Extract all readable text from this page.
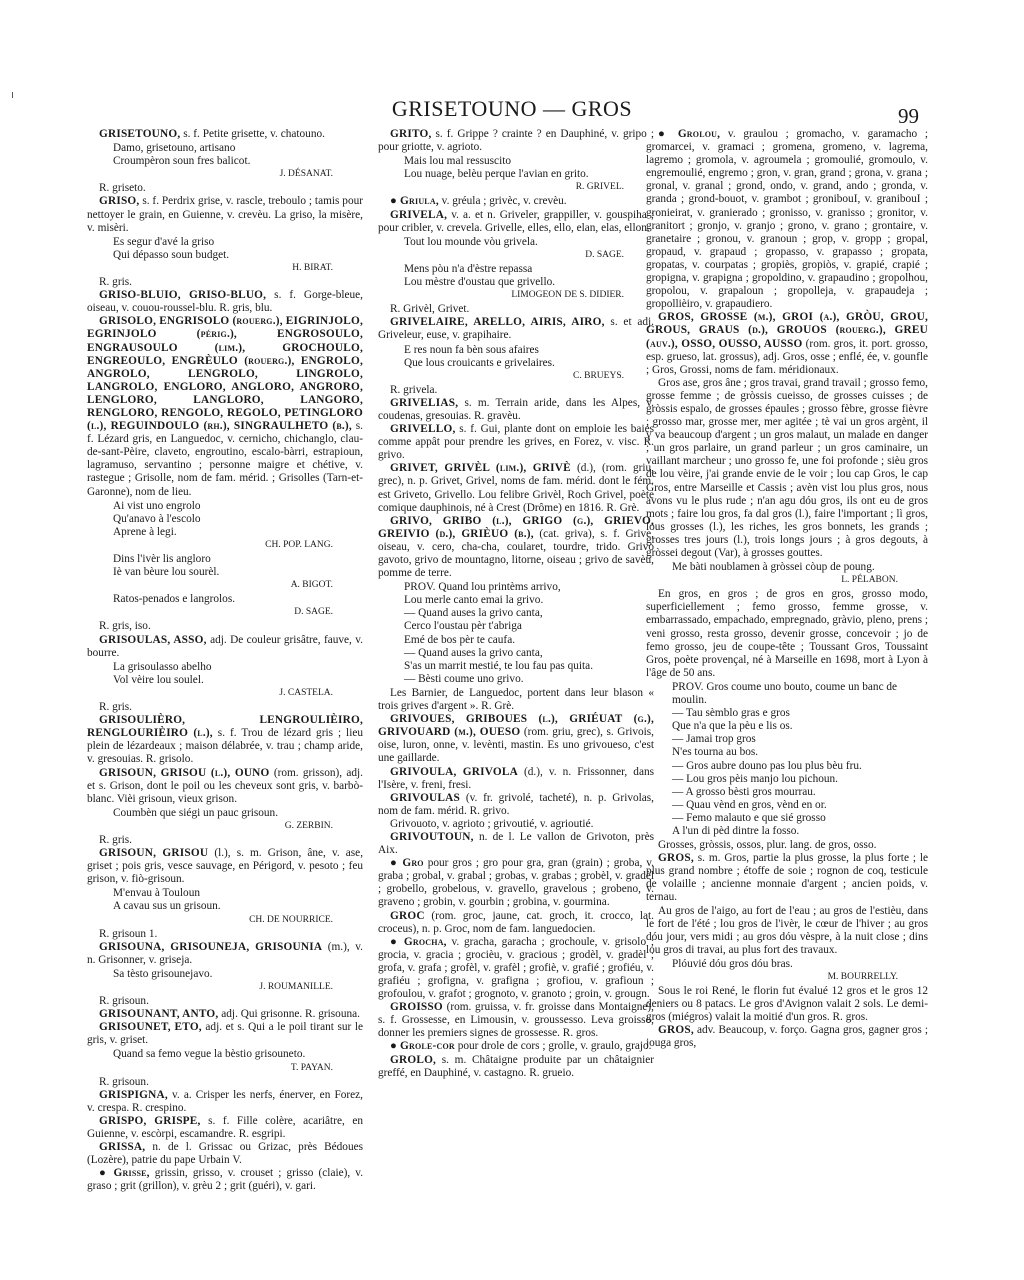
GRISETOUNO — GROS	99
GRISETOUNO, s. f. Petite grisette, v. chatouno.
Damo, grisetouno, artisano
Croumpèron soun fres balicot.
J. DÉSANAT.
R. griseto.
GRISO, s. f. Perdrix grise, v. rascle, treboulo ; tamis pour nettoyer le grain, en Guienne, v. crevèu. La griso, la misère, v. misèri.
Es segur d'avé la griso
Qui dépasso soun budget.
H. BIRAT.
R. gris.
GRISO-BLUIO, GRISO-BLUO, s. f. Gorge-bleue, oiseau, v. couou-roussel-blu. R. gris, blu.
GRISOLO, ENGRISOLO (rouerg.), EIGRINJOLO, EGRINJOLO (périg.), ENGROSOULO, ENGRAUSOULO (lim.), GROCHOULO, ENGREOULO, ENGRÈULO (rouerg.), ENGROLO, ANGROLO, LENGROLO, LINGROLO, LANGROLO, ENGLORO, ANGLORO, ANGRORO, LENGLORO, LANGLORO, LANGORO, RENGLORO, RENGOLO, REGOLO, PETINGLORO (l.), REGUINDOULO (rh.), SINGRAULHETO (b.), s. f. Lézard gris, en Languedoc, v. cernicho, chichanglo, clau-de-sant-Pèire, claveto, engroutino, escalo-bàrri, estrapioun, lagramuso, servantino ; personne maigre et chétive, v. rastegue ; Grisolle, nom de fam. mérid. ; Grisolles (Tarn-et-Garonne), nom de lieu.
Ai vist uno engrolo
Qu'anavo à l'escolo
Aprene à legi.
CH. POP. LANG.
Dins l'ivèr lis angloro
Iè van bèure lou sourèl.
A. BIGOT.
Ratos-penados e langrolos.
D. SAGE.
R. gris, iso.
GRISOULAS, ASSO, adj. De couleur grisâtre, fauve, v. bourre.
La grisoulasso abelho
Vol vèire lou soulel.
J. CASTELA.
R. gris.
GRISOULIÈRO, LENGROULIÈIRO, RENGLOURIÈIRO (l.), s. f. Trou de lézard gris ; lieu plein de lézardeaux ; maison délabrée, v. trau ; champ aride, v. gresouias. R. grisolo.
GRISOUN, GRISOU (l.), OUNO (rom. grisson), adj. et s. Grison, dont le poil ou les cheveux sont gris, v. barbò-blanc. Vièi grisoun, vieux grison.
Coumbèn que siégi un pauc grisoun.
G. ZERBIN.
R. gris.
GRISOUN, GRISOU (l.), s. m. Grison, âne, v. ase, griset ; pois gris, vesce sauvage, en Périgord, v. pesoto ; feu grison, v. fiò-grisoun.
M'envau à Touloun
A cavau sus un grisoun.
CH. DE NOURRICE.
R. grisoun 1.
GRISOUNA, GRISOUNEJA, GRISOUNIA (m.), v. n. Grisonner, v. griseja.
Sa tèsto grisounejavo.
J. ROUMANILLE.
R. grisoun.
GRISOUNANT, ANTO, adj. Qui grisonne. R. grisouna.
GRISOUNET, ETO, adj. et s. Qui a le poil tirant sur le gris, v. griset.
Quand sa femo vegue la bèstio grisounetо.
T. PAYAN.
R. grisoun.
GRISPIGNA, v. a. Crisper les nerfs, énerver, en Forez, v. crespa. R. crespino.
GRISPO, GRISPE, s. f. Fille colère, acariâtre, en Guienne, v. escòrpi, escamandre. R. esgripi.
GRISSA, n. de l. Grissac ou Grizac, près Bédoues (Lozère), patrie du pape Urbain V.
● Grisse, grissin, grisso, v. crouset ; grisso (claie), v. graso ; grit (grillon), v. grèu 2 ; grit (guéri), v. gari.
GRITO, s. f. Grippe ? crainte ? en Dauphiné, v. gripo ; pour griotte, v. agrioto.
Mais lou mal ressuscito
Lou nuage, belèu perque l'avian en grito.
R. GRIVEL.
● Griula, v. gréula ; grivèc, v. crevèu.
GRIVELA, v. a. et n. Griveler, grappiller, v. gouspiha ; pour cribler, v. crevela. Grivelle, elles, ello, elan, elas, ellon.
Tout lou mounde vòu grivela.
D. SAGE.
Mens pòu n'a d'èstre repassa
Lou mèstre d'oustau que grivello.
LIMOGEON DE S. DIDIER.
R. Grivèl, Grivet.
GRIVELAIRE, ARELLO, AIRIS, AIRO, s. et adj. Griveleur, euse, v. grapihaire.
E res noun fa bèn sous afaires
Que lous crouicants e grivelaires.
C. BRUEYS.
R. grivela.
GRIVELIAS, s. m. Terrain aride, dans les Alpes, v. coudenas, gresouias. R. gravèu.
GRIVELLO, s. f. Gui, plante dont on emploie les baies comme appât pour prendre les grives, en Forez, v. visc. R. grivo.
GRIVET, GRIVÈL (lim.), GRIVÈ (d.), (rom. griu, grec), n. p. Grivet, Grivel, noms de fam. mérid. dont le fém. est Griveto, Grivello. Lou felibre Grivèl, Roch Grivel, poète comique dauphinois, né à Crest (Drôme) en 1816. R. Grè.
GRIVO, GRIBO (l.), GRIGO (g.), GRIEVO, GREIVIO (d.), GRIÈUO (b.), (cat. griva), s. f. Grive, oiseau, v. cero, cha-cha, coularet, tourdre, trido. Grivo gavoto, grivo de mountagno, litorne, oiseau ; grivo de savèu, pomme de terre.
PROV. Quand lou printèms arrivo,
Lou merle canto emai la grivo.
— Quand auses la grivo canta,
Cerco l'oustau pèr t'abriga
Emé de bos pèr te caufa.
— Quand auses la grivo canta,
S'as un marrit mestié, te lou fau pas quita.
— Bèsti coume uno grivo.
Les Barnier, de Languedoc, portent dans leur blason « trois grives d'argent ». R. Grè.
GRIVOUES, GRIBOUES (l.), GRIÉUAT (g.), GRIVOUARD (m.), OUESO (rom. griu, grec), s. Grivois, oise, luron, onne, v. levènti, mastin. Es uno grivouesо, c'est une gaillarde.
GRIVOULA, GRIVOLA (d.), v. n. Frissonner, dans l'Isère, v. freni, fresi.
GRIVOULAS (v. fr. grivolé, tacheté), n. p. Grivolas, nom de fam. mérid. R. grivo.
Grivouoto, v. agrioto ; grivoutié, v. agrioutié.
GRIVOUTOUN, n. de l. Le vallon de Grivoton, près Aix.
● Gro pour gros ; gro pour gra, gran (grain) ; groba, v. graba ; grobal, v. grabal ; grobas, v. grabas ; grobèl, v. gradèl ; grobello, grobelous, v. gravello, gravelous ; grobeno, v. graveno ; grobin, v. gourbin ; grobina, v. gourmina.
GROC (rom. groc, jaune, cat. groch, it. crocco, lat. croceus), n. p. Groc, nom de fam. languedocien.
● Grocha, v. gracha, garacha ; grochoule, v. grisolo ; grocia, v. gracia ; grocièu, v. gracious ; grodèl, v. gradèl ; grofa, v. grafa ; grofèl, v. grafèl ; grofiè, v. grafié ; grofiéu, v. grafiéu ; grofigna, v. grafigna ; grofiou, v. grafioun ; grofoulou, v. grafot ; grognoto, v. granoto ; groin, v. grougn.
GROISSO (rom. gruissa, v. fr. groisse dans Montaigne), s. f. Grossesse, en Limousin, v. groussesso. Leva groisso, donner les premiers signes de grossesse. R. gros.
● Grole-cor pour drole de cors ; grolle, v. graulo, grajo.
GROLO, s. m. Châtaigne produite par un châtaignier greffé, en Dauphiné, v. castagno. R. grueio.
● Grolou, v. graulou ; gromacho, v. garamacho ; gromarcei, v. gramaci ; gromena, gromeno, v. lagrema, lagremo ; gromola, v. agroumela ; gromoulié, gromoulo, v. engremoulié, engremo ; gron, v. gran, grand ; grona, v. grana ; gronal, v. granal ; grond, ondo, v. grand, ando ; gronda, v. granda ; grond-bouot, v. grambot ; gronibouI, v. granibouI ; gronieirat, v. granierado ; gronisso, v. granisso ; gronitor, v. granitort ; gronjo, v. granjo ; grono, v. grano ; grontaire, v. granetaire ; gronou, v. granoun ; grop, v. gropp ; gropal, gropaud, v. grapaud ; gropasso, v. grapasso ; gropata, gropatas, v. courpatas ; gropiès, gropiòs, v. grapié, crapié ; gropigna, v. grapigna ; gropoldino, v. grapaudino ; gropolhou, gropolou, v. grapaloun ; gropolleja, v. grapaudeja ; gropollièiro, v. grapaudiero.
GROS, GROSSE (m.), GROI (a.), GRÒU, GROU, GROUS, GRAUS (d.), GROUOS (rouerg.), GREU (auv.), OSSO, OUSSO, AUSSO (rom. gros, it. port. grosso, esp. grueso, lat. grossus), adj. Gros, osse ; enflé, ée, v. gounfle ; Gros, Grossi, noms de fam. méridionaux.
Gros ase, gros âne ; gros travai, grand travail ; grosso femo, grosse femme ; de gròssis cueisso, de grosses cuisses ; de gròssis espalo, de grosses épaules ; grosso fèbre, grosse fièvre ; grosso mar, grosse mer, mer agitée ; tè vai un gros argènt, il y va beaucoup d'argent ; un gros malaut, un malade en danger ; un gros parlaire, un grand parleur ; un gros caminaire, un vaillant marcheur ; uno grosso fe, une foi profonde ; sièu gros de lou vèire, j'ai grande envie de le voir ; lou cap Gros, le cap Gros, entre Marseille et Cassis ; avèn vist lou plus gros, nous avons vu le plus rude ; n'an agu dóu gros, ils ont eu de gros mots ; faire lou gros, fa dal gros (l.), faire l'important ; lì gros, lous grosses (l.), les riches, les gros bonnets, les grands ; grosses tres jours (l.), trois longs jours ; à gros degouts, à gròssei degout (Var), à grosses gouttes.
Me bàti noublamen à gròssei còup de poung.
L. PÉLABON.
En gros, en gros ; de gros en gros, grosso modo, superficiellement ; femo grosso, femme grosse, v. embarrassado, empachado, empregnado, gràvio, pleno, prens ; veni grosso, resta grosso, devenir grosse, concevoir ; jo de femo grosso, jeu de coupe-tête ; Toussant Gros, Toussaint Gros, poète provençal, né à Marseille en 1698, mort à Lyon à l'âge de 50 ans.
PROV. Gros coume uno bouto, coume un banc de moulin.
— Tau sèmblo gras e gros
Que n'a que la pèu e lis os.
— Jamai trop gros
N'es tourna au bos.
— Gros aubre douno pas lou plus bèu fru.
— Lou gros pèis manjo lou pichoun.
— A grosso bèsti gros mourrau.
— Quau vènd en gros, vènd en or.
— Femo malauto e que sié grosso
A l'un di pèd dintre la fosso.
Grosses, gròssis, ossos, plur. lang. de gros, osso.
GROS, s. m. Gros, partie la plus grosse, la plus forte ; le plus grand nombre ; étoffe de soie ; rognon de coq, testicule de volaille ; ancienne monnaie d'argent ; ancien poids, v. ternau.
Au gros de l'aigo, au fort de l'eau ; au gros de l'estièu, dans le fort de l'été ; lou gros de l'ivèr, le cœur de l'hiver ; au gros dóu jour, vers midi ; au gros dóu vèspre, à la nuit close ; dins lou gros di travai, au plus fort des travaux.
Plóuvié dóu gros dóu bras.
M. BOURRELLY.
Sous le roi René, le florin fut évalué 12 gros et le gros 12 deniers ou 8 patacs. Le gros d'Avignon valait 2 sols. Le demi-gros (miégros) valait la moitié d'un gros. R. gros.
GROS, adv. Beaucoup, v. forço. Gagna gros, gagner gros ; jouga gros,
